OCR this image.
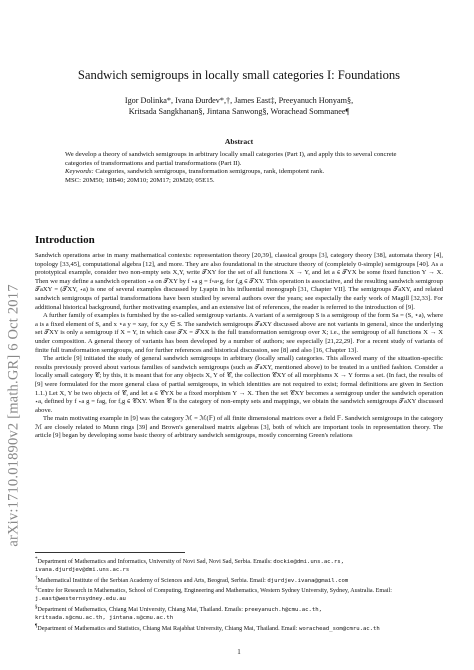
arXiv:1710.01890v2 [math.GR] 6 Oct 2017
Sandwich semigroups in locally small categories I: Foundations
Igor Dolinka*, Ivana Đurđev*,†, James East‡, Preeyanuch Honyam§,
Kritsada Sangkhanan§, Jintana Sanwong§, Worachead Sommanee¶
Abstract

We develop a theory of sandwich semigroups in arbitrary locally small categories (Part I), and apply this to several concrete categories of transformations and partial transformations (Part II).

Keywords: Categories, sandwich semigroups, transformation semigroups, rank, idempotent rank.

MSC: 20M50; 18B40; 20M10; 20M17; 20M20; 05E15.

Introduction

Sandwich operations arise in many mathematical contexts: representation theory [20,39], classical groups [3], category theory [38], automata theory [4], topology [33,45], computational algebra [12], and more. They are also foundational in the structure theory of (completely 0-simple) semigroups [40]. As a prototypical example, consider two non-empty sets X,Y, write 𝒯XY for the set of all functions X → Y, and let a ∈ 𝒯YX be some fixed function Y → X. Then we may define a sandwich operation ⋆a on 𝒯XY by f ⋆a g = f∘a∘g, for f,g ∈ 𝒯XY. This operation is associative, and the resulting sandwich semigroup 𝒯aXY = (𝒯XY, ⋆a) is one of several examples discussed by Lyapin in his influential monograph [31, Chapter VII]. The semigroups 𝒯aXY, and related sandwich semigroups of partial transformations have been studied by several authors over the years; see especially the early work of Magill [32,33]. For additional historical background, further motivating examples, and an extensive list of references, the reader is referred to the introduction of [9].

A further family of examples is furnished by the so-called semigroup variants. A variant of a semigroup S is a semigroup of the form Sa = (S, ⋆a), where a is a fixed element of S, and x ⋆a y = xay, for x,y ∈ S. The sandwich semigroups 𝒯aXY discussed above are not variants in general, since the underlying set 𝒯XY is only a semigroup if X = Y, in which case 𝒯X = 𝒯XX is the full transformation semigroup over X; i.e., the semigroup of all functions X → X under composition. A general theory of variants has been developed by a number of authors; see especially [21,22,29]. For a recent study of variants of finite full transformation semigroups, and for further references and historical discussion, see [8] and also [16, Chapter 13].

The article [9] initiated the study of general sandwich semigroups in arbitrary (locally small) categories. This allowed many of the situation-specific results previously proved about various families of sandwich semigroups (such as 𝒯aXY, mentioned above) to be treated in a unified fashion. Consider a locally small category 𝒞; by this, it is meant that for any objects X, Y of 𝒞, the collection 𝒞XY of all morphisms X → Y forms a set. (In fact, the results of [9] were formulated for the more general class of partial semigroups, in which identities are not required to exist; formal definitions are given in Section 1.1.) Let X, Y be two objects of 𝒞, and let a ∈ 𝒞YX be a fixed morphism Y → X. Then the set 𝒞XY becomes a semigroup under the sandwich operation ⋆a, defined by f ⋆a g = fag, for f,g ∈ 𝒞XY. When 𝒞 is the category of non-empty sets and mappings, we obtain the sandwich semigroups 𝒯aXY discussed above.

The main motivating example in [9] was the category ℳ = ℳ(𝔽) of all finite dimensional matrices over a field 𝔽. Sandwich semigroups in the category ℳ are closely related to Munn rings [39] and Brown's generalised matrix algebras [3], both of which are important tools in representation theory. The article [9] began by developing some basic theory of arbitrary sandwich semigroups, mostly concerning Green's relations

*Department of Mathematics and Informatics, University of Novi Sad, Novi Sad, Serbia. Emails: dockie@dmi.uns.ac.rs,
ivana.djurdjev@dmi.uns.ac.rs

†Mathematical Institute of the Serbian Academy of Sciences and Arts, Beograd, Serbia. Email: djurdjev.ivana@gmail.com

‡Centre for Research in Mathematics, School of Computing, Engineering and Mathematics, Western Sydney University, Sydney, Australia. Email: j.east@westernsydney.edu.au

§Department of Mathematics, Chiang Mai University, Chiang Mai, Thailand. Emails: preeyanuch.h@cmu.ac.th,
kritsada.s@cmu.ac.th, jintana.s@cmu.ac.th

¶Department of Mathematics and Statistics, Chiang Mai Rajabhat University, Chiang Mai, Thailand. Email: worachead_som@cmru.ac.th

1
